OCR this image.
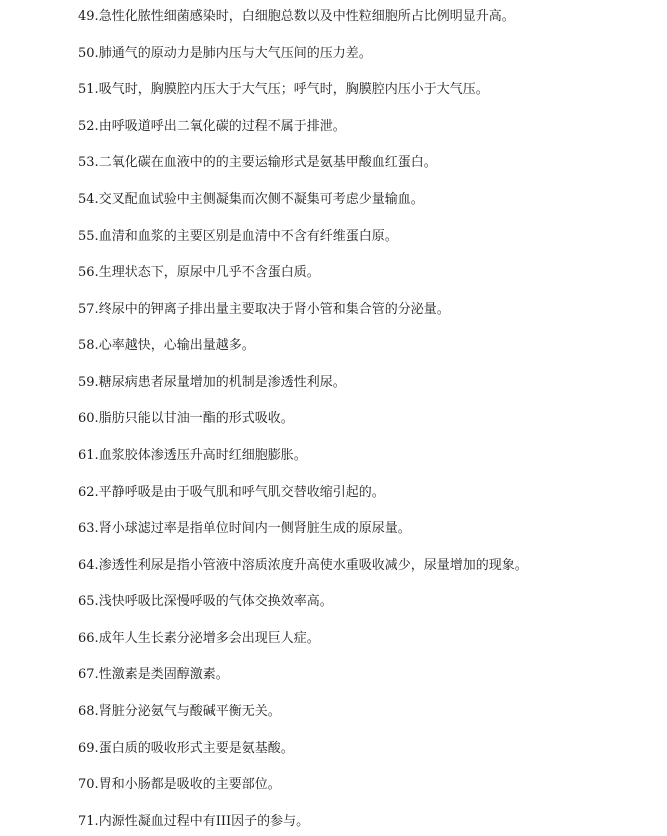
49.急性化脓性细菌感染时，白细胞总数以及中性粒细胞所占比例明显升高。
50.肺通气的原动力是肺内压与大气压间的压力差。
51.吸气时，胸膜腔内压大于大气压；呼气时，胸膜腔内压小于大气压。
52.由呼吸道呼出二氧化碳的过程不属于排泄。
53.二氧化碳在血液中的的主要运输形式是氨基甲酸血红蛋白。
54.交叉配血试验中主侧凝集而次侧不凝集可考虑少量输血。
55.血清和血浆的主要区别是血清中不含有纤维蛋白原。
56.生理状态下，原尿中几乎不含蛋白质。
57.终尿中的钾离子排出量主要取决于肾小管和集合管的分泌量。
58.心率越快，心输出量越多。
59.糖尿病患者尿量增加的机制是渗透性利尿。
60.脂肪只能以甘油一酯的形式吸收。
61.血浆胶体渗透压升高时红细胞膨胀。
62.平静呼吸是由于吸气肌和呼气肌交替收缩引起的。
63.肾小球滤过率是指单位时间内一侧肾脏生成的原尿量。
64.渗透性利尿是指小管液中溶质浓度升高使水重吸收减少，尿量增加的现象。
65.浅快呼吸比深慢呼吸的气体交换效率高。
66.成年人生长素分泌增多会出现巨人症。
67.性激素是类固醇激素。
68.肾脏分泌氨气与酸碱平衡无关。
69.蛋白质的吸收形式主要是氨基酸。
70.胃和小肠都是吸收的主要部位。
71.内源性凝血过程中有III因子的参与。
